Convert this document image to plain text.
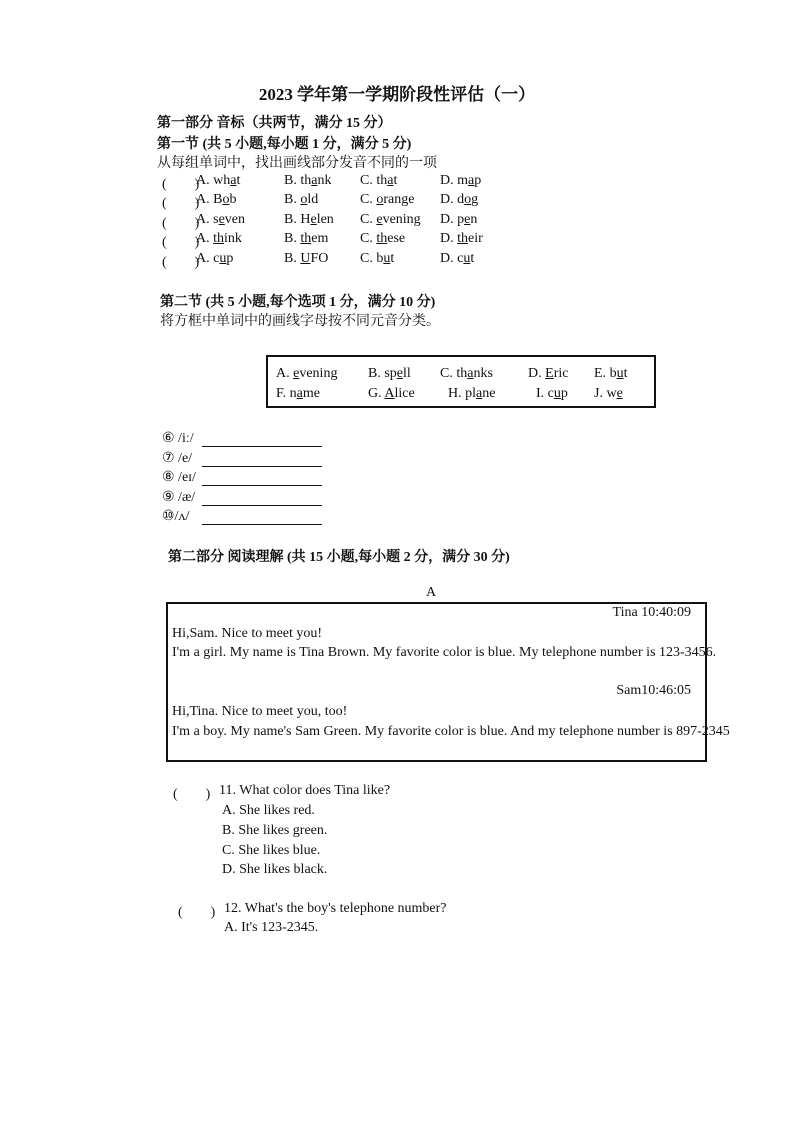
2023 学年第一学期阶段性评估（一）
第一部分 音标（共两节，满分 15 分）
第一节 (共 5 小题,每小题 1 分，满分 5 分)
从每组单词中，找出画线部分发音不同的一项
(　　)
A. what	B. thank C. that	D. map
(　　)
A. Bob	B. old	C. orange D. dog
(　　)
A. seven	B. Helen C. evening D. pen
(　　)
A. think	B. them C. these D. their
(　　)
A. cup	B. UFO C. but	D. cut
第二节 (共 5 小题,每个选项 1 分，满分 10 分)
将方框中单词中的画线字母按不同元音分类。
A. evening B. spell C. thanks	D. Eric E. but
F. name	G. Alice H. plane	I. cup J. we
⑥ /iː/
⑦ /e/
⑧ /eɪ/
⑨ /æ/
⑩/ʌ/
第二部分 阅读理解 (共 15 小题,每小题 2 分，满分 30 分)
A
Tina 10:40:09
Hi,Sam. Nice to meet you!
I'm a girl. My name is Tina Brown. My favorite color is blue. My telephone number is 123-3456.
Sam10:46:05
Hi,Tina. Nice to meet you, too!
I'm a boy. My name's Sam Green. My favorite color is blue. And my telephone number is 897-2345
(　　) 11. What color does Tina like?
A. She likes red.
B. She likes green.
C. She likes blue.
D. She likes black.
(　　) 12. What's the boy's telephone number?
A. It's 123-2345.
